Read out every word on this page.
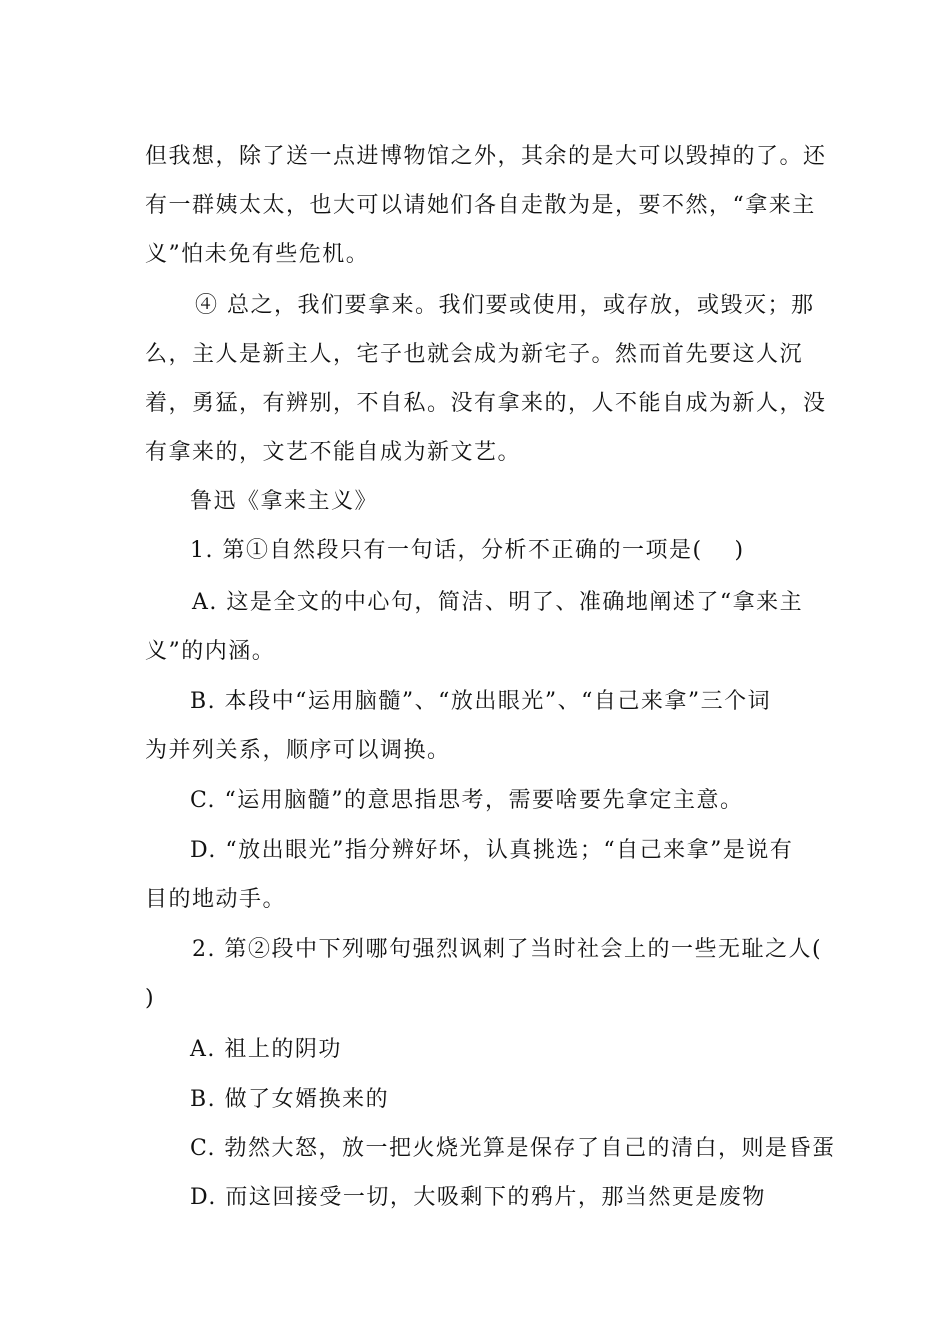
但我想，除了送一点进博物馆之外，其余的是大可以毁掉的了。还
有一群姨太太，也大可以请她们各自走散为是，要不然，“拿来主
义”怕未免有些危机。
④ 总之，我们要拿来。我们要或使用，或存放，或毁灭；那
么，主人是新主人，宅子也就会成为新宅子。然而首先要这人沉
着，勇猛，有辨别，不自私。没有拿来的，人不能自成为新人，没
有拿来的，文艺不能自成为新文艺。
鲁迅《拿来主义》
1. 第①自然段只有一句话，分析不正确的一项是(　 )
A. 这是全文的中心句，简洁、明了、准确地阐述了“拿来主
义”的内涵。
B. 本段中“运用脑髓”、“放出眼光”、“自己来拿”三个词
为并列关系，顺序可以调换。
C. “运用脑髓”的意思指思考，需要啥要先拿定主意。
D. “放出眼光”指分辨好坏，认真挑选；“自己来拿”是说有
目的地动手。
2. 第②段中下列哪句强烈讽刺了当时社会上的一些无耻之人(
)
A. 祖上的阴功
B. 做了女婿换来的
C. 勃然大怒，放一把火烧光算是保存了自己的清白，则是昏蛋
D. 而这回接受一切，大吸剩下的鸦片，那当然更是废物
